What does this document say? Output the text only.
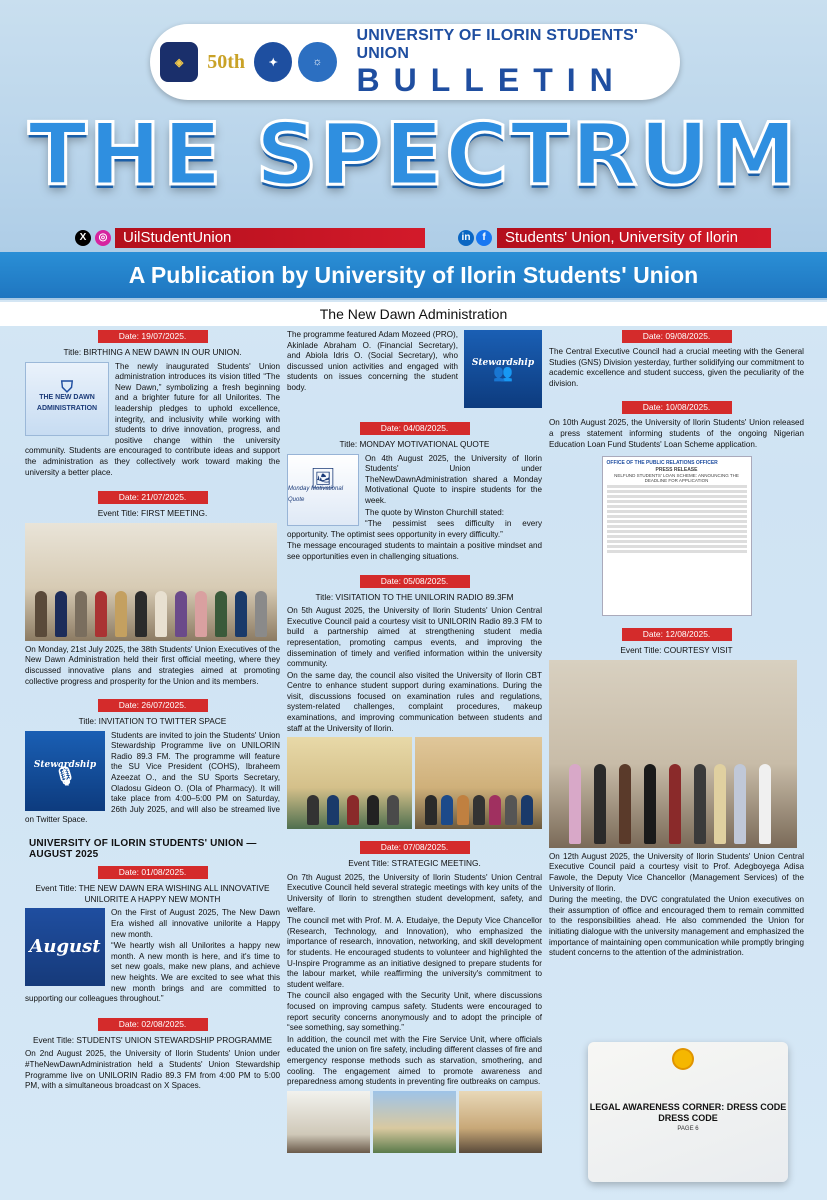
◈	50th	✦	☼
UNIVERSITY OF ILORIN STUDENTS' UNION
BULLETIN
THE SPECTRUM
X	◎	in	f
UilStudentUnion	Students' Union, University of Ilorin
A Publication by University of Ilorin Students' Union
The New Dawn Administration
Date: 19/07/2025.
Title: BIRTHING A NEW DAWN IN OUR UNION.
⛉
THE NEW DAWN ADMINISTRATION
The newly inaugurated Students' Union administration introduces its vision titled “The New Dawn,” symbolizing a fresh beginning and a brighter future for all Unilorites. The leadership pledges to uphold excellence, integrity, and inclusivity while working with students to drive innovation, progress, and positive change within the university community. Students are encouraged to contribute ideas and support the administration as they collectively work toward making the university a better place.
Date: 21/07/2025.
Event Title: FIRST MEETING.
On Monday, 21st July 2025, the 38th Students' Union Executives of the New Dawn Administration held their first official meeting, where they discussed innovative plans and strategies aimed at promoting collective progress and prosperity for the Union and its members.
Date: 26/07/2025.
Title: INVITATION TO TWITTER SPACE
Stewardship
🎙
Students are invited to join the Students' Union Stewardship Programme live on UNILORIN Radio 89.3 FM. The programme will feature the SU Vice President (COHS), Ibraheem Azeezat O., and the SU Sports Secretary, Oladosu Gideon O. (Ola of Pharmacy). It will take place from 4:00–5:00 PM on Saturday, 26th July 2025, and will also be streamed live on Twitter Space.
UNIVERSITY OF ILORIN STUDENTS' UNION — AUGUST 2025
Date: 01/08/2025.
Event Title: THE NEW DAWN ERA WISHING ALL INNOVATIVE UNILORITE A HAPPY NEW MONTH
August
On the First of August 2025, The New Dawn Era wished all innovative unilorite a Happy new month.
“We heartly wish all Unilorites a happy new month. A new month is here, and it's time to set new goals, make new plans, and achieve new heights. We are excited to see what this new month brings and are committed to supporting our colleagues throughout.”
Date: 02/08/2025.
Event Title: STUDENTS' UNION STEWARDSHIP PROGRAMME
On 2nd August 2025, the University of Ilorin Students' Union under #TheNewDawnAdministration held a Students' Union Stewardship Programme live on UNILORIN Radio 89.3 FM from 4:00 PM to 5:00 PM, with a simultaneous broadcast on X Spaces.
Stewardship
👥
The programme featured Adam Mozeed (PRO), Akinlade Abraham O. (Financial Secretary), and Abiola Idris O. (Social Secretary), who discussed union activities and engaged with students on issues concerning the student body.
Date: 04/08/2025.
Title: MONDAY MOTIVATIONAL QUOTE
🖼
Monday Motivational Quote
On 4th August 2025, the University of Ilorin Students' Union under TheNewDawnAdministration shared a Monday Motivational Quote to inspire students for the week.
The quote by Winston Churchill stated:
“The pessimist sees difficulty in every opportunity. The optimist sees opportunity in every difficulty.”
The message encouraged students to maintain a positive mindset and see opportunities even in challenging situations.
Date: 05/08/2025.
Title: VISITATION TO THE UNILORIN RADIO 89.3FM
On 5th August 2025, the University of Ilorin Students' Union Central Executive Council paid a courtesy visit to UNILORIN Radio 89.3 FM to build a partnership aimed at strengthening student media representation, promoting campus events, and improving the dissemination of timely and verified information within the university community.
On the same day, the council also visited the University of Ilorin CBT Centre to enhance student support during examinations. During the visit, discussions focused on examination rules and regulations, system-related challenges, complaint procedures, makeup examinations, and improving communication between students and staff at the University of Ilorin.
Date: 07/08/2025.
Event Title: STRATEGIC MEETING.
On 7th August 2025, the University of Ilorin Students' Union Central Executive Council held several strategic meetings with key units of the University of Ilorin to strengthen student development, safety, and welfare.
The council met with Prof. M. A. Etudaiye, the Deputy Vice Chancellor (Research, Technology, and Innovation), who emphasized the importance of research, innovation, networking, and skill development for students. He encouraged students to volunteer and highlighted the U-Inspire Programme as an initiative designed to prepare students for the labour market, while reaffirming the university's commitment to student welfare.
The council also engaged with the Security Unit, where discussions focused on improving campus safety. Students were encouraged to report security concerns anonymously and to adopt the principle of “see something, say something.”
In addition, the council met with the Fire Service Unit, where officials educated the union on fire safety, including different classes of fire and emergency response methods such as starvation, smothering, and cooling. The engagement aimed to promote awareness and preparedness among students in preventing fire outbreaks on campus.
Date: 09/08/2025.
The Central Executive Council had a crucial meeting with the General Studies (GNS) Division yesterday, further solidifying our commitment to academic excellence and student success, given the peculiarity of the division.
Date: 10/08/2025.
On 10th August 2025, the University of Ilorin Students' Union released a press statement informing students of the ongoing Nigerian Education Loan Fund Students' Loan Scheme application.
OFFICE OF THE PUBLIC RELATIONS OFFICER
PRESS RELEASE
NELFUND STUDENTS' LOAN SCHEME: ANNOUNCING THE DEADLINE FOR APPLICATION
Date: 12/08/2025.
Event Title: COURTESY VISIT
On 12th August 2025, the University of Ilorin Students' Union Central Executive Council paid a courtesy visit to Prof. Adegboyega Adisa Fawole, the Deputy Vice Chancellor (Management Services) of the University of Ilorin.
During the meeting, the DVC congratulated the Union executives on their assumption of office and encouraged them to remain committed to the responsibilities ahead. He also commended the Union for initiating dialogue with the university management and emphasized the importance of maintaining open communication while promptly bringing student concerns to the attention of the administration.
LEGAL AWARENESS CORNER: DRESS CODE DRESS CODE
PAGE 6
